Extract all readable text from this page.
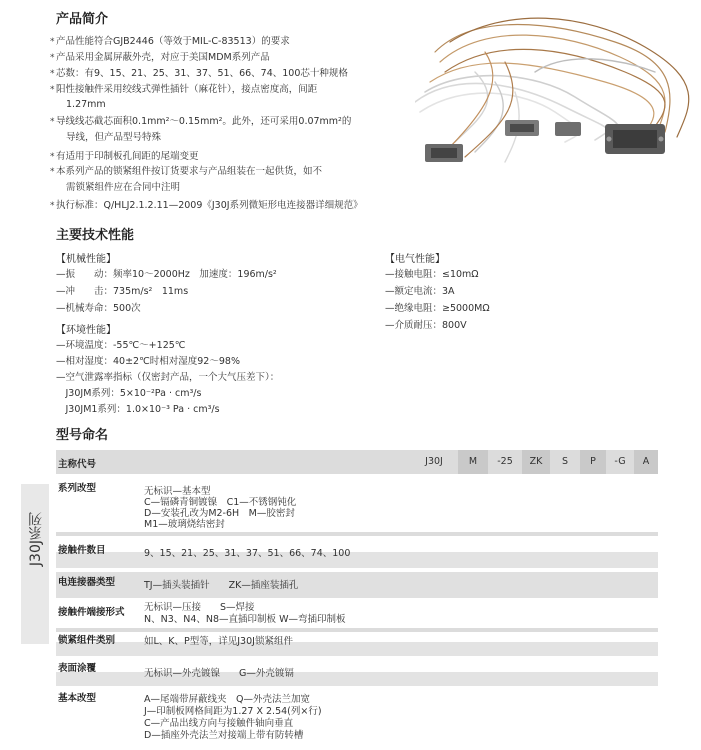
产品简介
* 产品性能符合GJB2446（等效于MIL-C-83513）的要求
* 产品采用金属屏蔽外壳，对应于美国MDM系列产品
* 芯数：有9、15、21、25、31、37、51、66、74、100芯十种规格
* 阳性接触件采用绞线式弹性插针（麻花针），接点密度高，间距
1.27mm
* 导线线芯截芯面积0.1mm²～0.15mm²。此外，还可采用0.07mm²的
导线，但产品型号特殊
* 有适用于印制板孔间距的尾端变更
* 本系列产品的锁紧组件按订货要求与产品组装在一起供货，如不
需锁紧组件应在合同中注明
* 执行标准：Q/HLJ2.1.2.11—2009《J30J系列微矩形电连接器详细规范》
主要技术性能
【机械性能】
—振　　动：频率10～2000Hz　加速度：196m/s²
—冲　　击：735m/s²　11ms
—机械寿命：500次
【环境性能】
—环境温度：-55℃～+125℃
—相对湿度：40±2℃时相对湿度92～98%
—空气泄露率指标（仅密封产品，一个大气压差下）：
　J30JM系列：5×10⁻²Pa · cm³/s
　J30JM1系列：1.0×10⁻³ Pa · cm³/s
【电气性能】
—接触电阻：≤10mΩ
—额定电流：3A
—绝缘电阻：≥5000MΩ
—介质耐压：800V
型号命名
J30J系列
主称代号	J30J	M	-25	ZK	S	P	-G	A
系列改型	无标识—基本型
C—镉磷青铜镀镍　C1—不锈钢钝化
D—安装孔改为M2-6H　M—胶密封
M1—玻璃烧结密封
接触件数目	9、15、21、25、31、37、51、66、74、100
电连接器类型	TJ—插头装插针　　ZK—插座装插孔
接触件端接形式 无标识—压接　　S—焊接
N、N3、N4、N8—直插印制板 W—弯插印制板
锁紧组件类别	如L、K、P型等，详见J30J锁紧组件
表面涂覆	无标识—外壳镀镍　　G—外壳镀镉
基本改型	A—尾端带屏蔽线夹　Q—外壳法兰加宽
J—印制板网格间距为1.27 X 2.54(列×行)
C—产品出线方向与接触件轴向垂直
D—插座外壳法兰对接端上带有防转槽
